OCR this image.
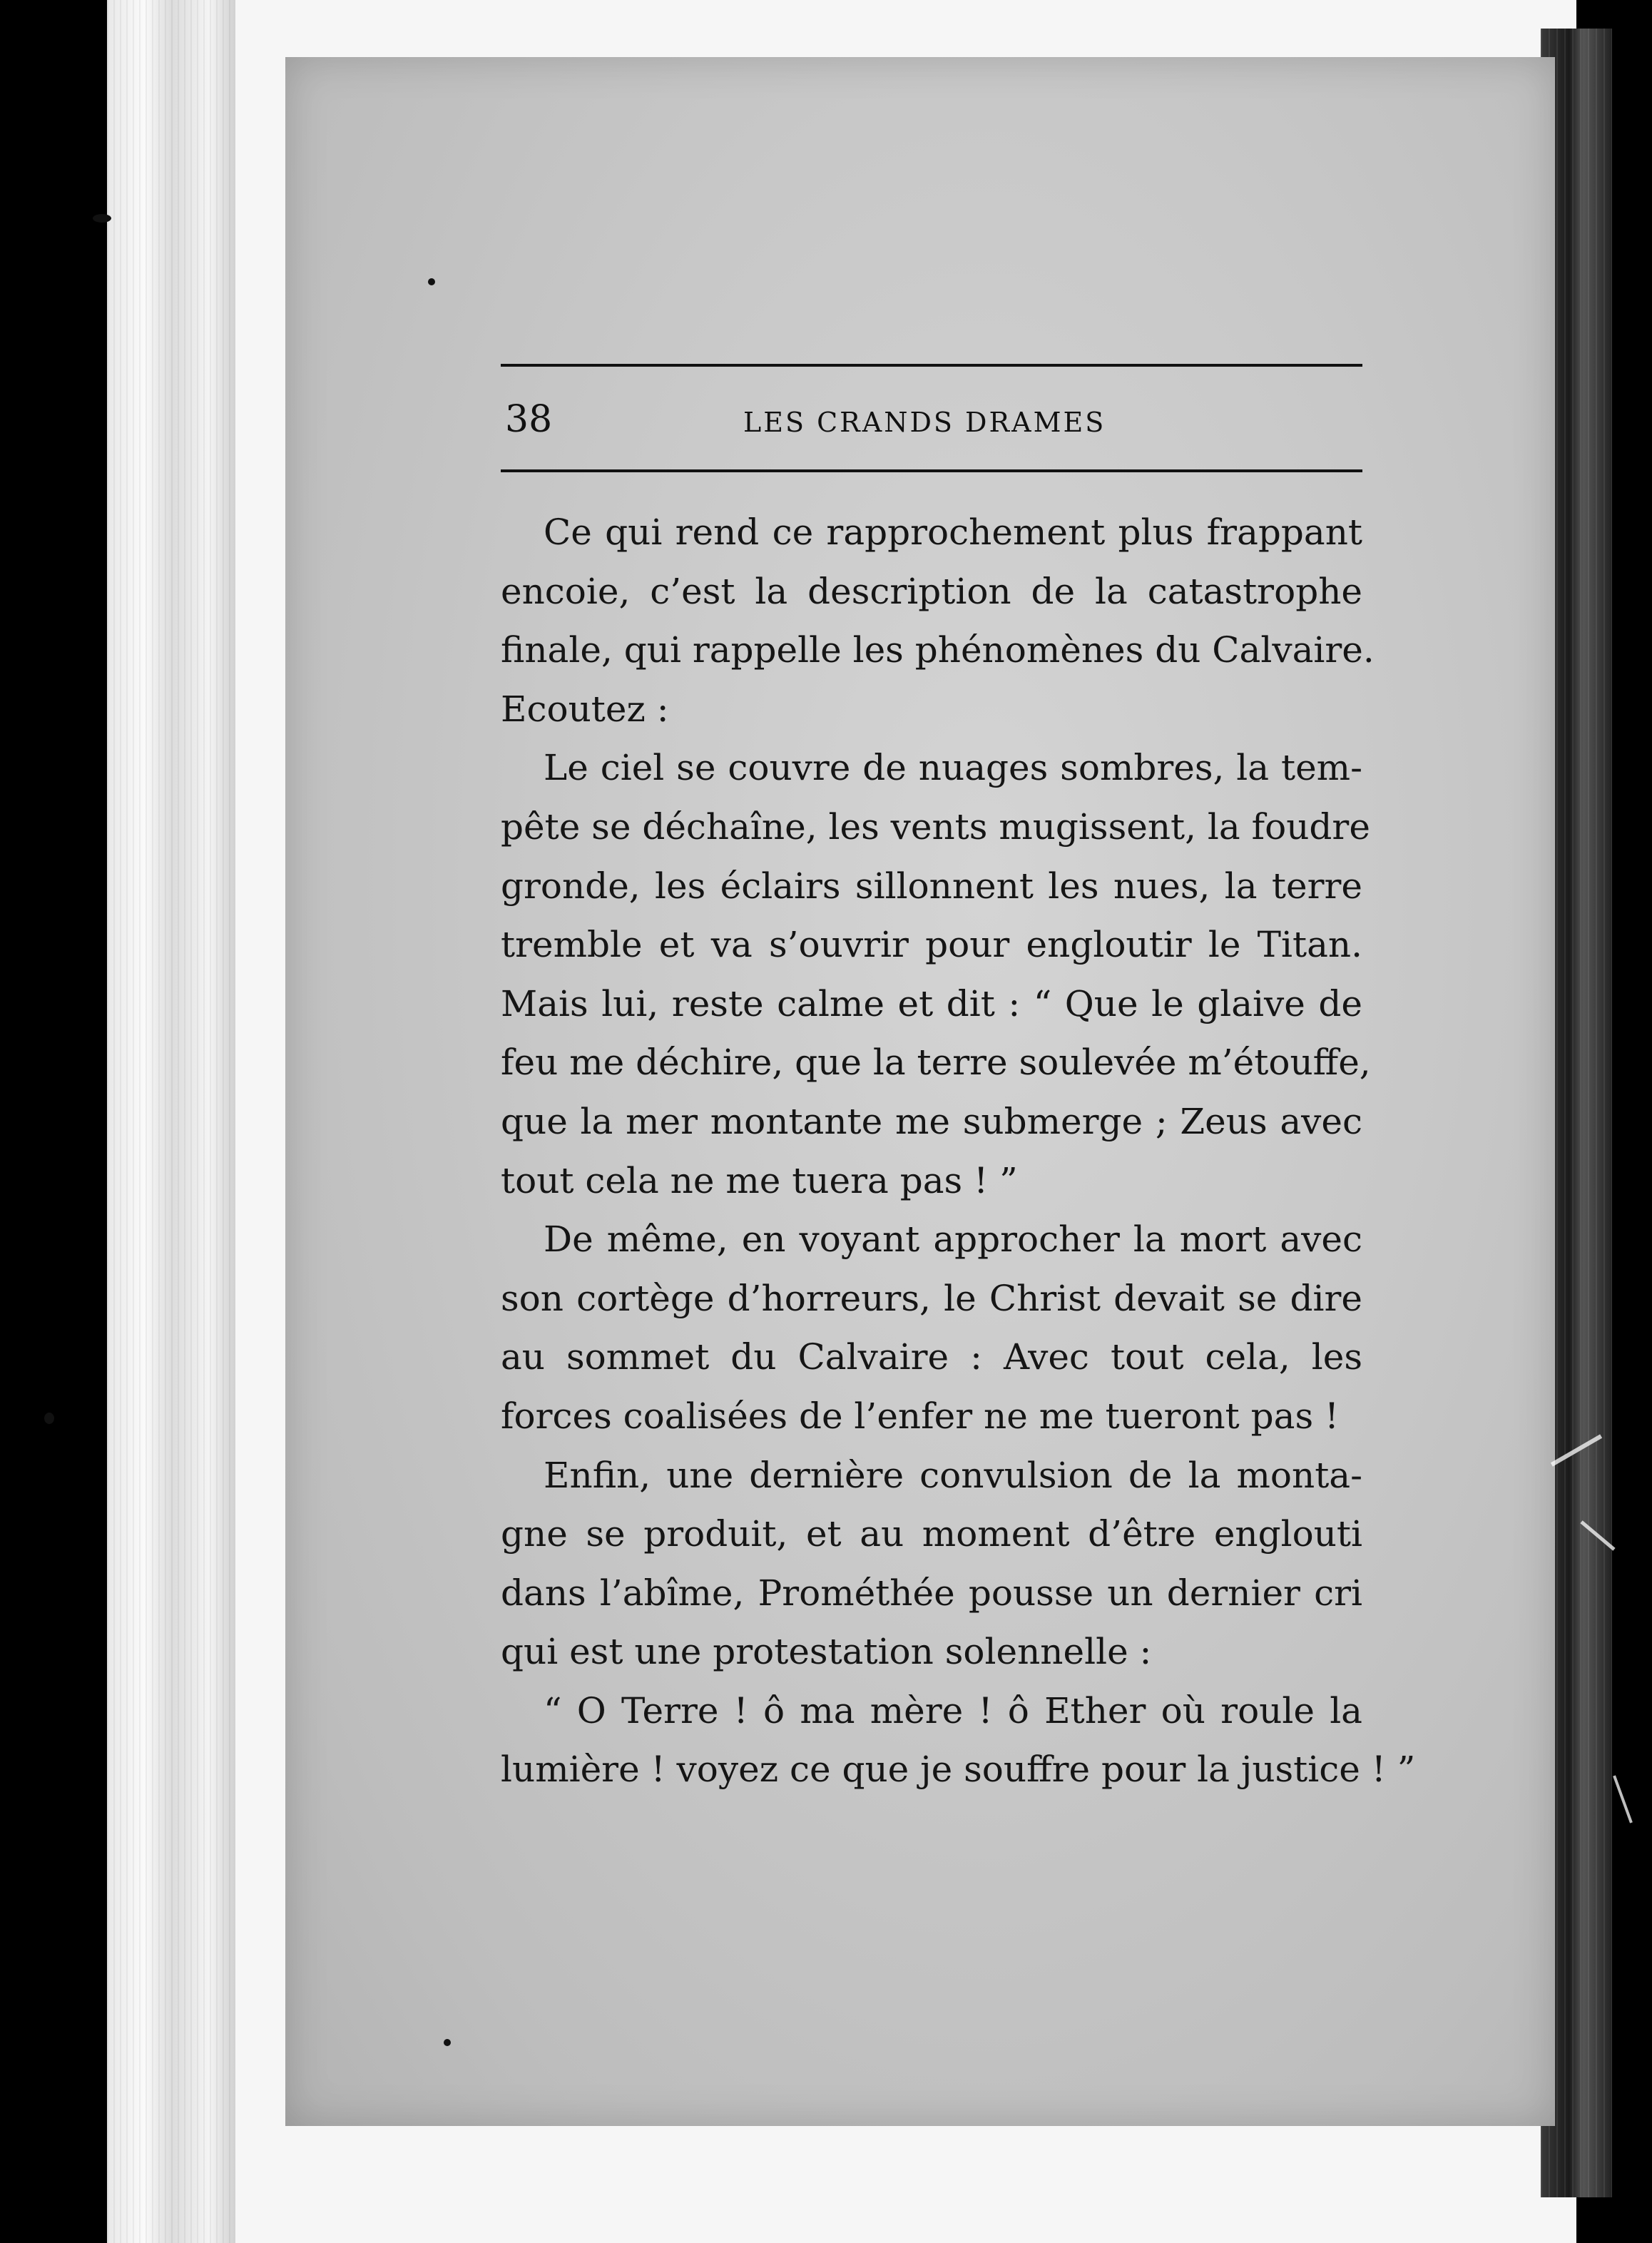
38	LES CRANDS DRAMES
Ce qui rend ce rapprochement plus frappant
encoie, c’est la description de la catastrophe
finale, qui rappelle les phénomènes du Calvaire.
Ecoutez :
Le ciel se couvre de nuages sombres, la tem-
pête se déchaîne, les vents mugissent, la foudre
gronde, les éclairs sillonnent les nues, la terre
tremble et va s’ouvrir pour engloutir le Titan.
Mais lui, reste calme et dit : “ Que le glaive de
feu me déchire, que la terre soulevée m’étouffe,
que la mer montante me submerge ; Zeus avec
tout cela ne me tuera pas ! ”
De même, en voyant approcher la mort avec
son cortège d’horreurs, le Christ devait se dire
au sommet du Calvaire : Avec tout cela, les
forces coalisées de l’enfer ne me tueront pas !
Enfin, une dernière convulsion de la monta-
gne se produit, et au moment d’être englouti
dans l’abîme, Prométhée pousse un dernier cri
qui est une protestation solennelle :
“ O Terre ! ô ma mère ! ô Ether où roule la
lumière ! voyez ce que je souffre pour la justice ! ”
